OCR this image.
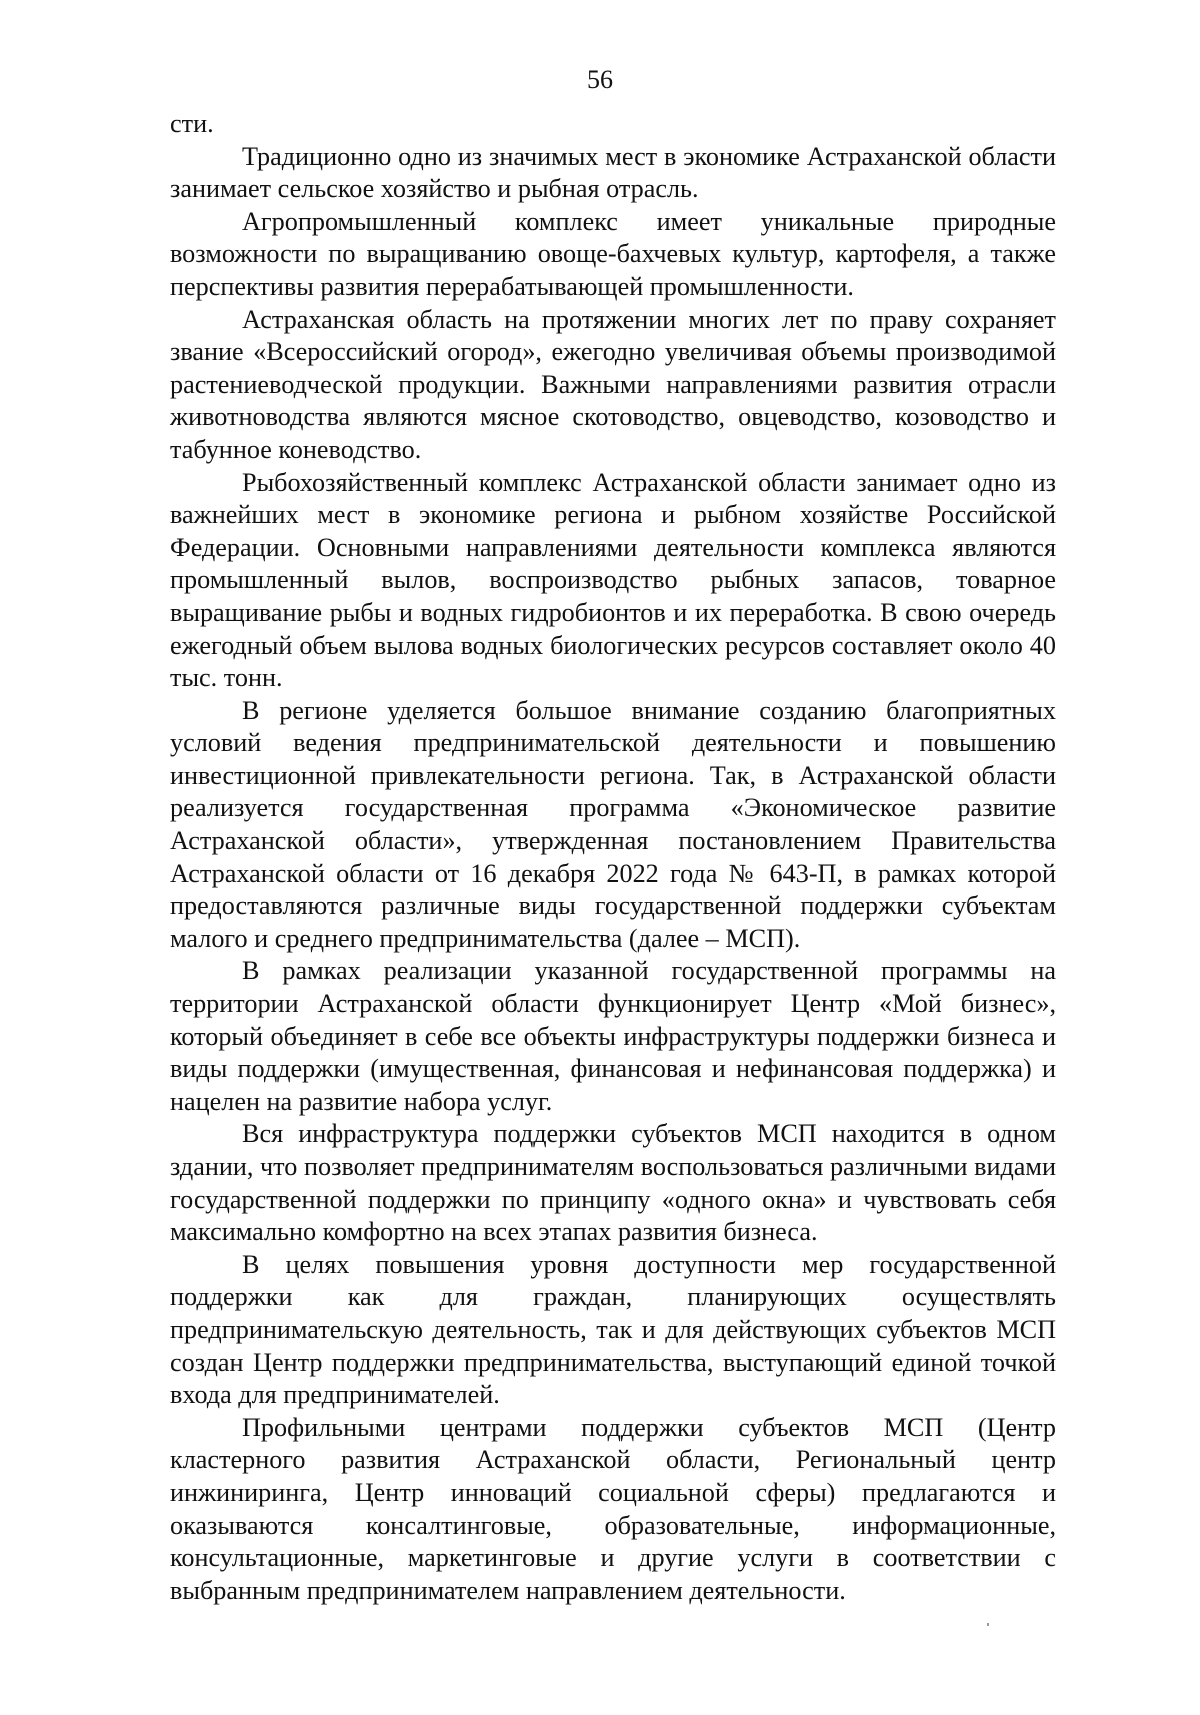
56

сти.

Традиционно одно из значимых мест в экономике Астраханской области занимает сельское хозяйство и рыбная отрасль.

Агропромышленный комплекс имеет уникальные природные возможности по выращиванию овоще-бахчевых культур, картофеля, а также перспективы развития перерабатывающей промышленности.

Астраханская область на протяжении многих лет по праву сохраняет звание «Всероссийский огород», ежегодно увеличивая объемы производимой растениеводческой продукции. Важными направлениями развития отрасли животноводства являются мясное скотоводство, овцеводство, козоводство и табунное коневодство.

Рыбохозяйственный комплекс Астраханской области занимает одно из важнейших мест в экономике региона и рыбном хозяйстве Российской Федерации. Основными направлениями деятельности комплекса являются промышленный вылов, воспроизводство рыбных запасов, товарное выращивание рыбы и водных гидробионтов и их переработка. В свою очередь ежегодный объем вылова водных биологических ресурсов составляет около 40 тыс. тонн.

В регионе уделяется большое внимание созданию благоприятных условий ведения предпринимательской деятельности и повышению инвестиционной привлекательности региона. Так, в Астраханской области реализуется государственная программа «Экономическое развитие Астраханской области», утвержденная постановлением Правительства Астраханской области от 16 декабря 2022 года № 643-П, в рамках которой предоставляются различные виды государственной поддержки субъектам малого и среднего предпринимательства (далее – МСП).

В рамках реализации указанной государственной программы на территории Астраханской области функционирует Центр «Мой бизнес», который объединяет в себе все объекты инфраструктуры поддержки бизнеса и виды поддержки (имущественная, финансовая и нефинансовая поддержка) и нацелен на развитие набора услуг.

Вся инфраструктура поддержки субъектов МСП находится в одном здании, что позволяет предпринимателям воспользоваться различными видами государственной поддержки по принципу «одного окна» и чувствовать себя максимально комфортно на всех этапах развития бизнеса.

В целях повышения уровня доступности мер государственной поддержки как для граждан, планирующих осуществлять предпринимательскую деятельность, так и для действующих субъектов МСП создан Центр поддержки предпринимательства, выступающий единой точкой входа для предпринимателей.

Профильными центрами поддержки субъектов МСП (Центр кластерного развития Астраханской области, Региональный центр инжиниринга, Центр инноваций социальной сферы) предлагаются и оказываются консалтинговые, образовательные, информационные, консультационные, маркетинговые и другие услуги в соответствии с выбранным предпринимателем направлением деятельности.
